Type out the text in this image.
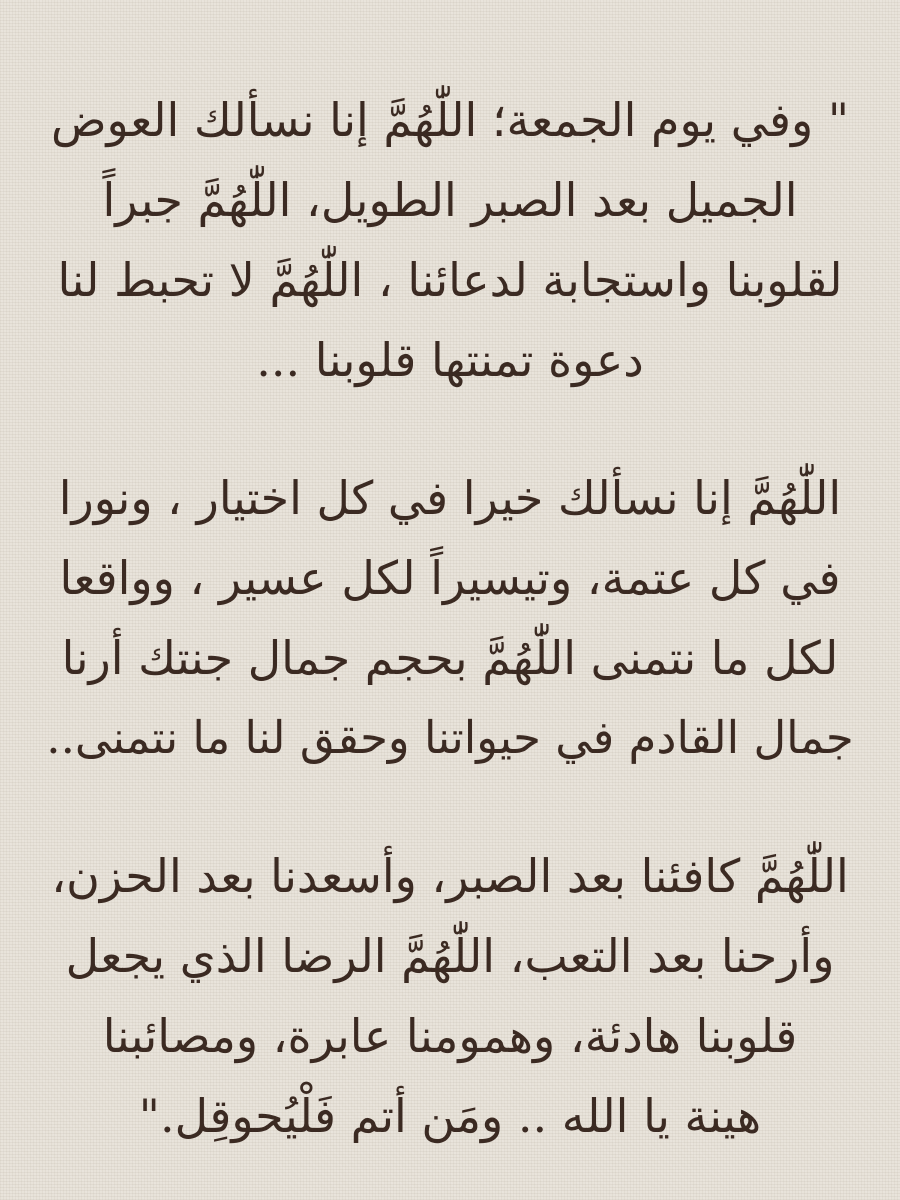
" وفي يوم الجمعة؛ اللّٰهُمَّ إنا نسألك العوض
الجميل بعد الصبر الطويل، اللّٰهُمَّ جبراً
لقلوبنا واستجابة لدعائنا ، اللّٰهُمَّ لا تحبط لنا
دعوة تمنتها قلوبنا ...
اللّٰهُمَّ إنا نسألك خيرا في كل اختيار ، ونورا
في كل عتمة، وتيسيراً لكل عسير ، وواقعا
لكل ما نتمنى اللّٰهُمَّ بحجم جمال جنتك أرنا
جمال القادم في حيواتنا وحقق لنا ما نتمنى..
اللّٰهُمَّ كافئنا بعد الصبر، وأسعدنا بعد الحزن،
وأرحنا بعد التعب، اللّٰهُمَّ الرضا الذي يجعل
قلوبنا هادئة، وهمومنا عابرة، ومصائبنا
هينة يا الله .. ومَن أتم فَلْيُحوقِل."
